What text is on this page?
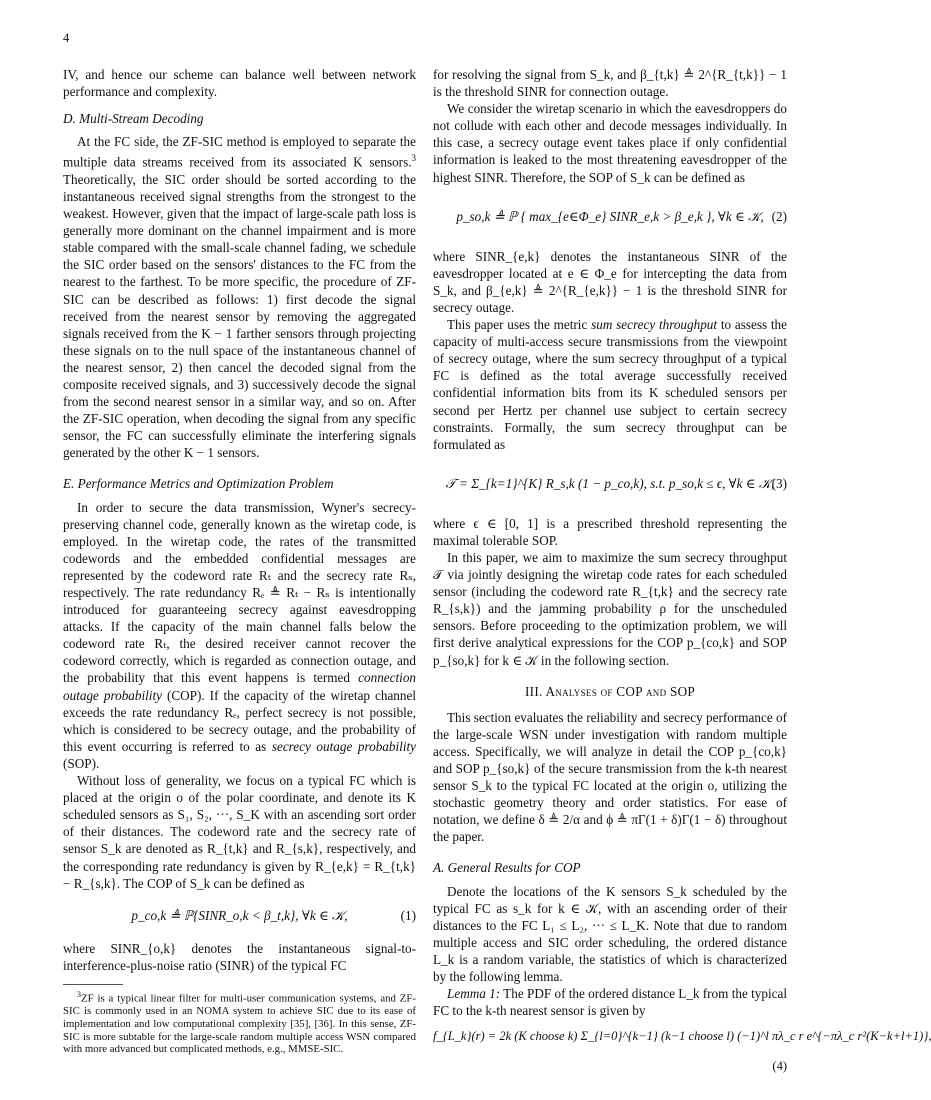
4

IV, and hence our scheme can balance well between network performance and complexity.

D. Multi-Stream Decoding

At the FC side, the ZF-SIC method is employed to separate the multiple data streams received from its associated K sensors.$^3$ Theoretically, the SIC order should be sorted according to the instantaneous received signal strengths from the strongest to the weakest. However, given that the impact of large-scale path loss is generally more dominant on the channel impairment and is more stable compared with the small-scale channel fading, we schedule the SIC order based on the sensors' distances to the FC from the nearest to the farthest. To be more specific, the procedure of ZF-SIC can be described as follows: 1) first decode the signal received from the nearest sensor by removing the aggregated signals received from the K − 1 farther sensors through projecting these signals on to the null space of the instantaneous channel of the nearest sensor, 2) then cancel the decoded signal from the composite received signals, and 3) successively decode the signal from the second nearest sensor in a similar way, and so on. After the ZF-SIC operation, when decoding the signal from any specific sensor, the FC can successfully eliminate the interfering signals generated by the other K − 1 sensors.

E. Performance Metrics and Optimization Problem

In order to secure the data transmission, Wyner's secrecy-preserving channel code, generally known as the wiretap code, is employed. In the wiretap code, the rates of the transmitted codewords and the embedded confidential messages are represented by the codeword rate Rₜ and the secrecy rate Rₛ, respectively. The rate redundancy Rₑ ≜ Rₜ − Rₛ is intentionally introduced for guaranteeing secrecy against eavesdropping attacks. If the capacity of the main channel falls below the codeword rate Rₜ, the desired receiver cannot recover the codeword correctly, which is regarded as connection outage, and the probability that this event happens is termed connection outage probability (COP). If the capacity of the wiretap channel exceeds the rate redundancy Rₑ, perfect secrecy is not possible, which is considered to be secrecy outage, and the probability of this event occurring is referred to as secrecy outage probability (SOP).

Without loss of generality, we focus on a typical FC which is placed at the origin o of the polar coordinate, and denote its K scheduled sensors as S₁, S₂, ···, S_K with an ascending sort order of their distances. The codeword rate and the secrecy rate of sensor S_k are denoted as R_{t,k} and R_{s,k}, respectively, and the corresponding rate redundancy is given by R_{e,k} = R_{t,k} − R_{s,k}. The COP of S_k can be defined as

p_co,k ≜ ℙ{SINR_o,k < β_t,k}, ∀k ∈ 𝒦,	(1)

where SINR_{o,k} denotes the instantaneous signal-to-interference-plus-noise ratio (SINR) of the typical FC

$^3$ZF is a typical linear filter for multi-user communication systems, and ZF-SIC is commonly used in an NOMA system to achieve SIC due to its ease of implementation and low computational complexity [35], [36]. In this sense, ZF-SIC is more subtable for the large-scale random multiple access WSN compared with more advanced but complicated methods, e.g., MMSE-SIC.

for resolving the signal from S_k, and β_{t,k} ≜ 2^{R_{t,k}} − 1 is the threshold SINR for connection outage.

We consider the wiretap scenario in which the eavesdroppers do not collude with each other and decode messages individually. In this case, a secrecy outage event takes place if only confidential information is leaked to the most threatening eavesdropper of the highest SINR. Therefore, the SOP of S_k can be defined as

p_so,k ≜ ℙ { max_{e∈Φ_e} SINR_e,k > β_e,k }, ∀k ∈ 𝒦, (2)

where SINR_{e,k} denotes the instantaneous SINR of the eavesdropper located at e ∈ Φ_e for intercepting the data from S_k, and β_{e,k} ≜ 2^{R_{e,k}} − 1 is the threshold SINR for secrecy outage.

This paper uses the metric sum secrecy throughput to assess the capacity of multi-access secure transmissions from the viewpoint of secrecy outage, where the sum secrecy throughput of a typical FC is defined as the total average successfully received confidential information bits from its K scheduled sensors per second per Hertz per channel use subject to certain secrecy constraints. Formally, the sum secrecy throughput can be formulated as

𝒯 = Σ_{k=1}^{K} R_s,k (1 − p_co,k), s.t. p_so,k ≤ ϵ, ∀k ∈ 𝒦,
(3)

where ϵ ∈ [0, 1] is a prescribed threshold representing the maximal tolerable SOP.

In this paper, we aim to maximize the sum secrecy throughput 𝒯 via jointly designing the wiretap code rates for each scheduled sensor (including the codeword rate R_{t,k} and the secrecy rate R_{s,k}) and the jamming probability ρ for the unscheduled sensors. Before proceeding to the optimization problem, we will first derive analytical expressions for the COP p_{co,k} and SOP p_{so,k} for k ∈ 𝒦 in the following section.

III. Analyses of COP and SOP

This section evaluates the reliability and secrecy performance of the large-scale WSN under investigation with random multiple access. Specifically, we will analyze in detail the COP p_{co,k} and SOP p_{so,k} of the secure transmission from the k-th nearest sensor S_k to the typical FC located at the origin o, utilizing the stochastic geometry theory and order statistics. For ease of notation, we define δ ≜ 2/α and ϕ ≜ πΓ(1 + δ)Γ(1 − δ) throughout the paper.

A. General Results for COP

Denote the locations of the K sensors S_k scheduled by the typical FC as s_k for k ∈ 𝒦, with an ascending order of their distances to the FC L₁ ≤ L₂, ··· ≤ L_K. Note that due to random multiple access and SIC order scheduling, the ordered distance L_k is a random variable, the statistics of which is characterized by the following lemma.

Lemma 1: The PDF of the ordered distance L_k from the typical FC to the k-th nearest sensor is given by

f_{L_k}(r) = 2k (K choose k) Σ_{l=0}^{k−1} (k−1 choose l) (−1)^l πλ_c r e^{−πλ_c r²(K−k+l+1)},
(4)
